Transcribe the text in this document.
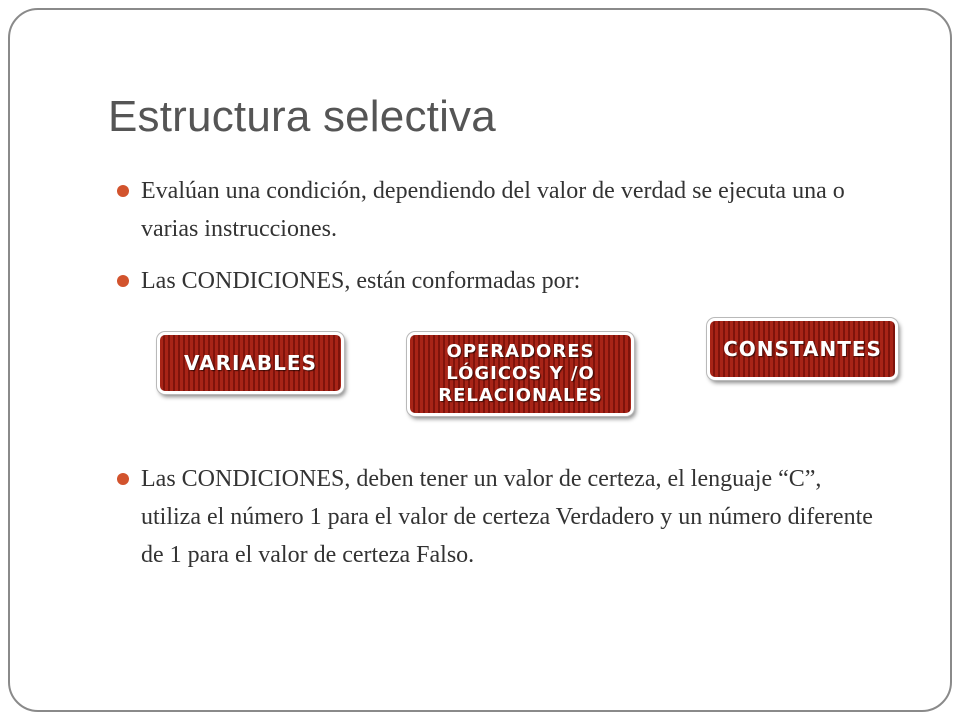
Estructura selectiva
Evalúan una condición, dependiendo del valor de verdad se ejecuta una o varias instrucciones.
Las CONDICIONES, están conformadas por:
VARIABLES	OPERADORES LÓGICOS Y /O RELACIONALES
CONSTANTES
Las CONDICIONES, deben tener un valor de certeza, el lenguaje “C”, utiliza el número 1 para el valor de certeza Verdadero y un número diferente de 1 para el valor de certeza Falso.
